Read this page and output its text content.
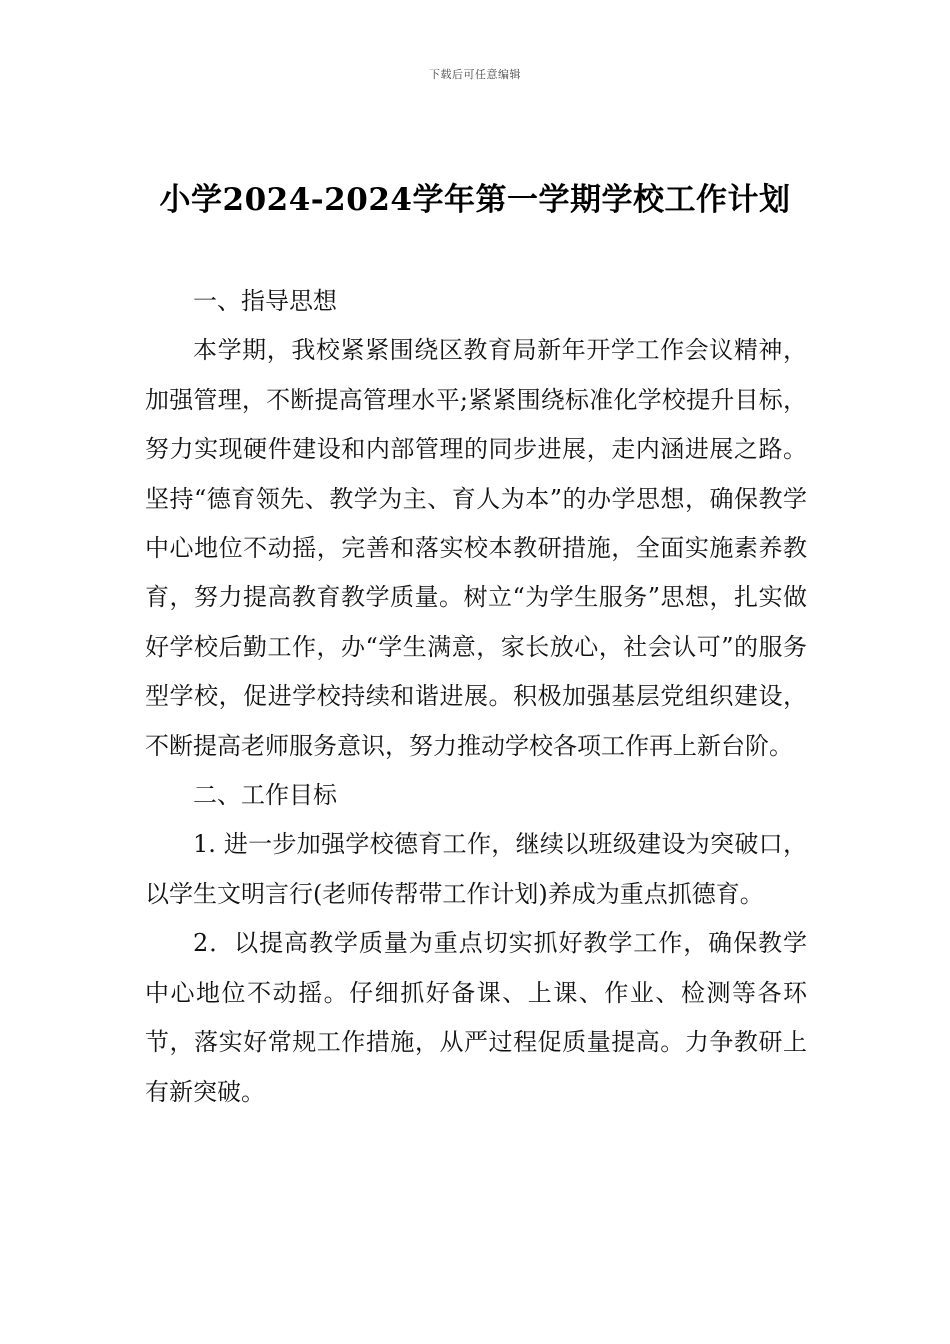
下载后可任意编辑
小学2024-2024学年第一学期学校工作计划

一、指导思想

本学期，我校紧紧围绕区教育局新年开学工作会议精神，加强管理，不断提高管理水平;紧紧围绕标准化学校提升目标，努力实现硬件建设和内部管理的同步进展，走内涵进展之路。坚持“德育领先、教学为主、育人为本”的办学思想，确保教学中心地位不动摇，完善和落实校本教研措施，全面实施素养教育，努力提高教育教学质量。树立“为学生服务”思想，扎实做好学校后勤工作，办“学生满意，家长放心，社会认可”的服务型学校，促进学校持续和谐进展。积极加强基层党组织建设，不断提高老师服务意识，努力推动学校各项工作再上新台阶。

二、工作目标

1. 进一步加强学校德育工作，继续以班级建设为突破口，以学生文明言行(老师传帮带工作计划)养成为重点抓德育。

2．以提高教学质量为重点切实抓好教学工作，确保教学中心地位不动摇。仔细抓好备课、上课、作业、检测等各环节，落实好常规工作措施，从严过程促质量提高。力争教研上有新突破。
